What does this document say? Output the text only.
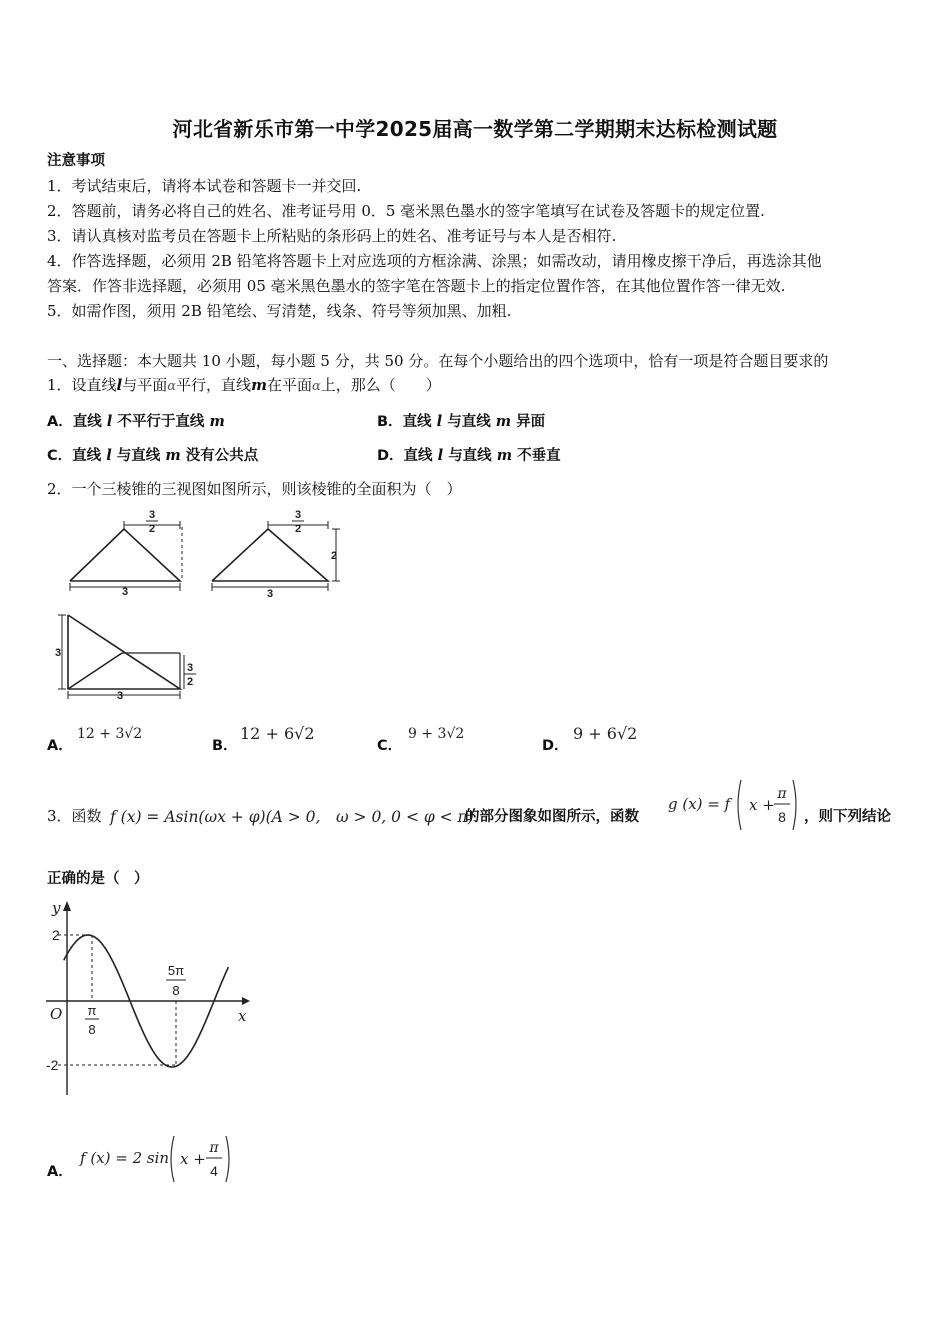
河北省新乐市第一中学2025届高一数学第二学期期末达标检测试题
注意事项
1．考试结束后，请将本试卷和答题卡一并交回.
2．答题前，请务必将自己的姓名、准考证号用 0．5 毫米黑色墨水的签字笔填写在试卷及答题卡的规定位置.
3．请认真核对监考员在答题卡上所粘贴的条形码上的姓名、准考证号与本人是否相符.
4．作答选择题，必须用 2B 铅笔将答题卡上对应选项的方框涂满、涂黑；如需改动，请用橡皮擦干净后，再选涂其他
答案．作答非选择题，必须用 05 毫米黑色墨水的签字笔在答题卡上的指定位置作答，在其他位置作答一律无效.
5．如需作图，须用 2B 铅笔绘、写清楚，线条、符号等须加黑、加粗.
一、选择题：本大题共 10 小题，每小题 5 分，共 50 分。在每个小题给出的四个选项中，恰有一项是符合题目要求的
1．设直线l与平面α平行，直线m在平面α上，那么（　　）
A．直线 l 不平行于直线 m	B．直线 l 与直线 m 异面
C．直线 l 与直线 m 没有公共点	D．直线 l 与直线 m 不垂直
2．一个三棱锥的三视图如图所示，则该棱锥的全面积为（　）
3
2
3
3
2
2
3
3
3
2
3
A．
12 + 3√2
B．
12 + 6√2
C．
9 + 3√2
D．
9 + 6√2
3．函数 f (x) = Asin(ωx + φ)(A > 0,　ω > 0, 0 < φ < π)
的部分图象如图所示，函数
g (x) = f x +
π
8 ，则下列结论
正确的是（　）
y
x
O
2
-2
π
8
5π
8
A．
f (x) = 2 sin x +
π
4
